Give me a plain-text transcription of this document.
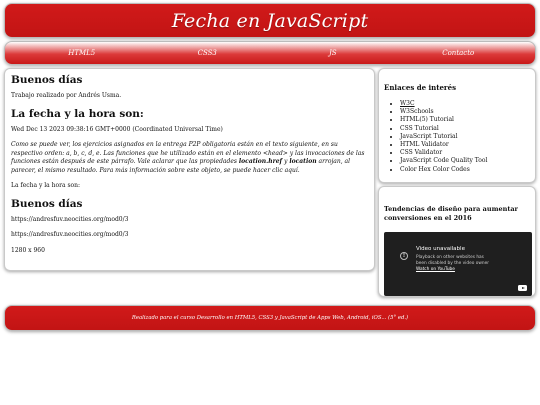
Fecha en JavaScript
HTML5	CSS3	JS	Contacto
Buenos días

Trabajo realizado por Andrés Usma.

La fecha y la hora son:

Wed Dec 13 2023 09:38:16 GMT+0000 (Coordinated Universal Time)

Como se puede ver, los ejercicios asignados en la entrega P2P obligatoria están en el texto siguiente, en su respectivo orden: a, b, c, d, e. Las funciones que he utilizado están en el elemento <head> y las invocaciones de las funciones están después de este párrafo. Vale aclarar que las propiedades location.href y location arrojan, al parecer, el mismo resultado. Para más información sobre este objeto, se puede hacer clic aquí.

La fecha y la hora son:

Buenos días

https://andresfuv.neocities.org/mod0/3

https://andresfuv.neocities.org/mod0/3

1280 x 960

Enlaces de interés
• W3C
• W3Schools
• HTML(5) Tutorial
• CSS Tutorial
• JavaScript Tutorial
• HTML Validator
• CSS Validator
• JavaScript Code Quality Tool
• Color Hex Color Codes
Tendencias de diseño para aumentar conversiones en el 2016
!
Video unavailable
Playback on other websites has been disabled by the video owner
Watch on YouTube

Realizado para el curso Desarrollo en HTML5, CSS3 y JavaScript de Apps Web, Android, iOS... (5° ed.)
